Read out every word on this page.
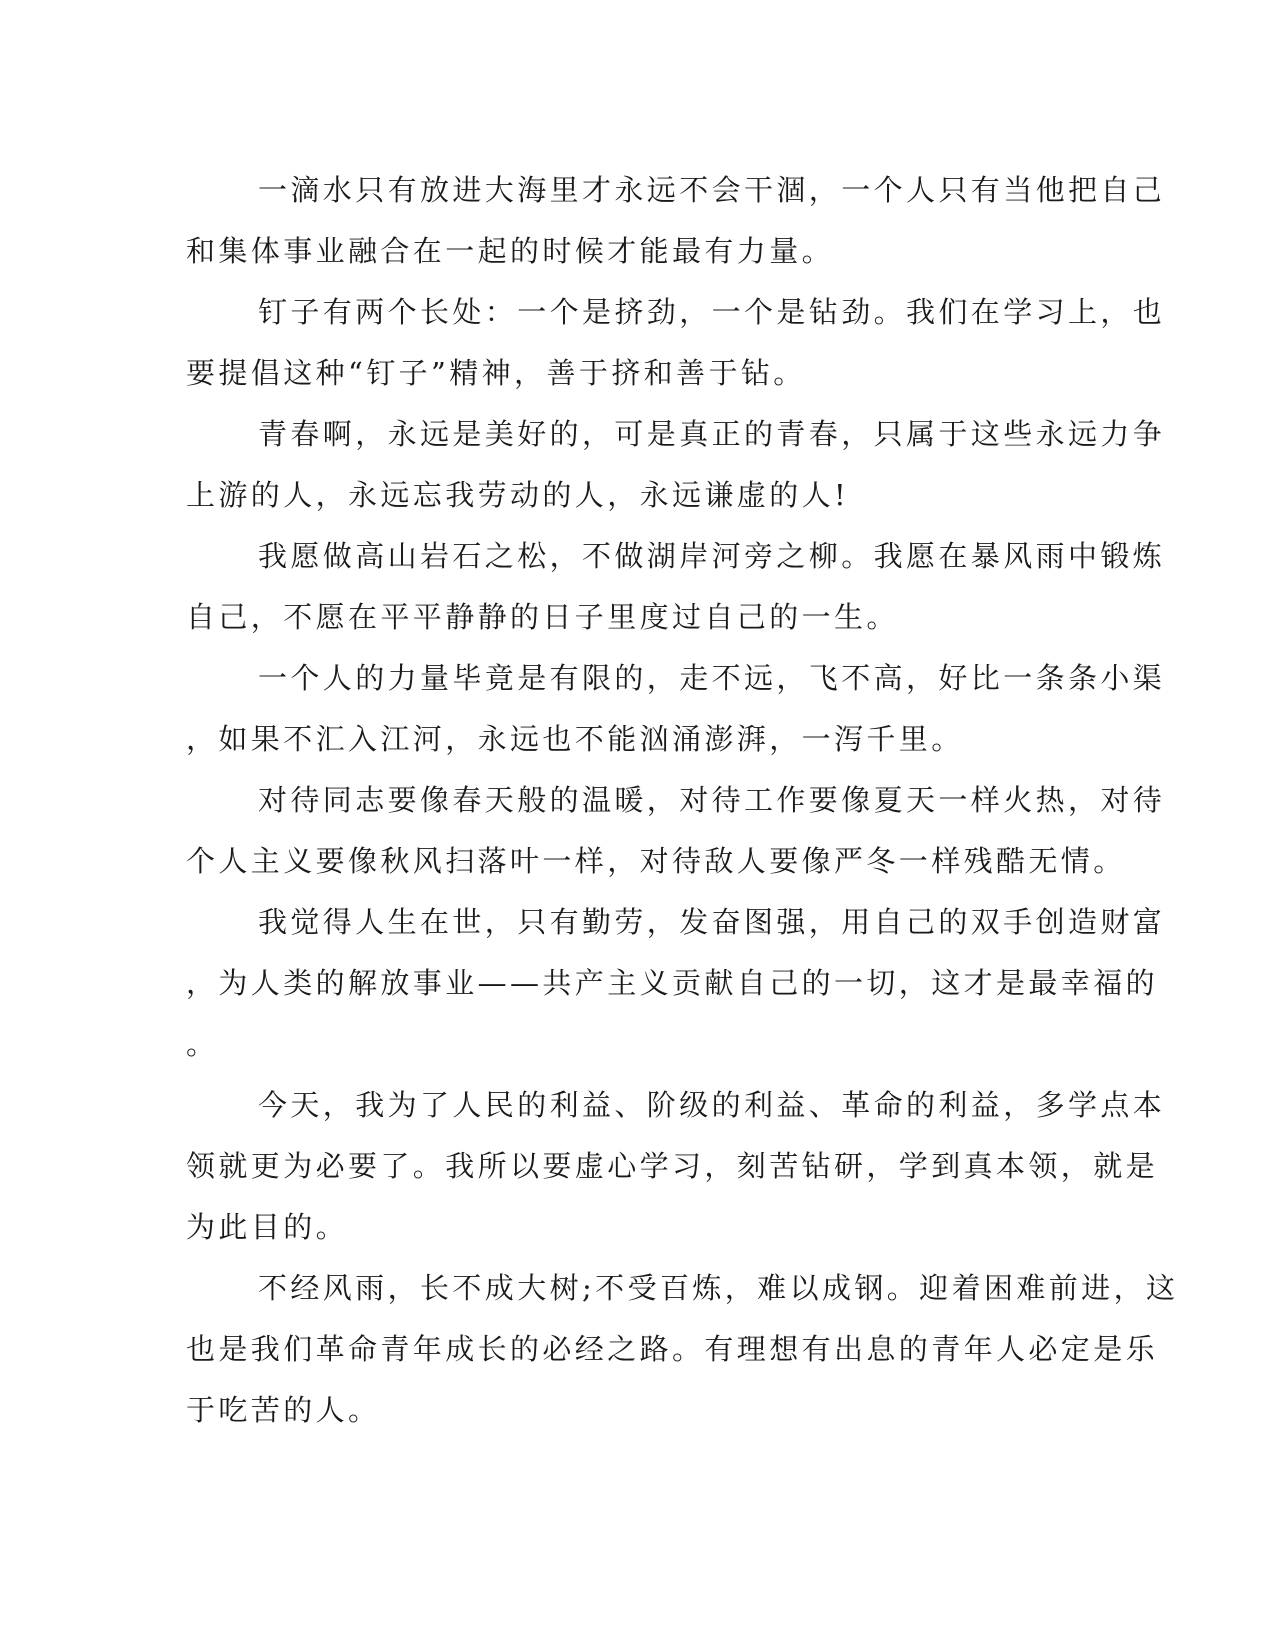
一滴水只有放进大海里才永远不会干涸，一个人只有当他把自己
和集体事业融合在一起的时候才能最有力量。
钉子有两个长处：一个是挤劲，一个是钻劲。我们在学习上，也
要提倡这种“钉子”精神，善于挤和善于钻。
青春啊，永远是美好的，可是真正的青春，只属于这些永远力争
上游的人，永远忘我劳动的人，永远谦虚的人!
我愿做高山岩石之松，不做湖岸河旁之柳。我愿在暴风雨中锻炼
自己，不愿在平平静静的日子里度过自己的一生。
一个人的力量毕竟是有限的，走不远，飞不高，好比一条条小渠
，如果不汇入江河，永远也不能汹涌澎湃，一泻千里。
对待同志要像春天般的温暖，对待工作要像夏天一样火热，对待
个人主义要像秋风扫落叶一样，对待敌人要像严冬一样残酷无情。
我觉得人生在世，只有勤劳，发奋图强，用自己的双手创造财富
，为人类的解放事业——共产主义贡献自己的一切，这才是最幸福的
。
今天，我为了人民的利益、阶级的利益、革命的利益，多学点本
领就更为必要了。我所以要虚心学习，刻苦钻研，学到真本领，就是
为此目的。
不经风雨，长不成大树;不受百炼，难以成钢。迎着困难前进，这
也是我们革命青年成长的必经之路。有理想有出息的青年人必定是乐
于吃苦的人。
